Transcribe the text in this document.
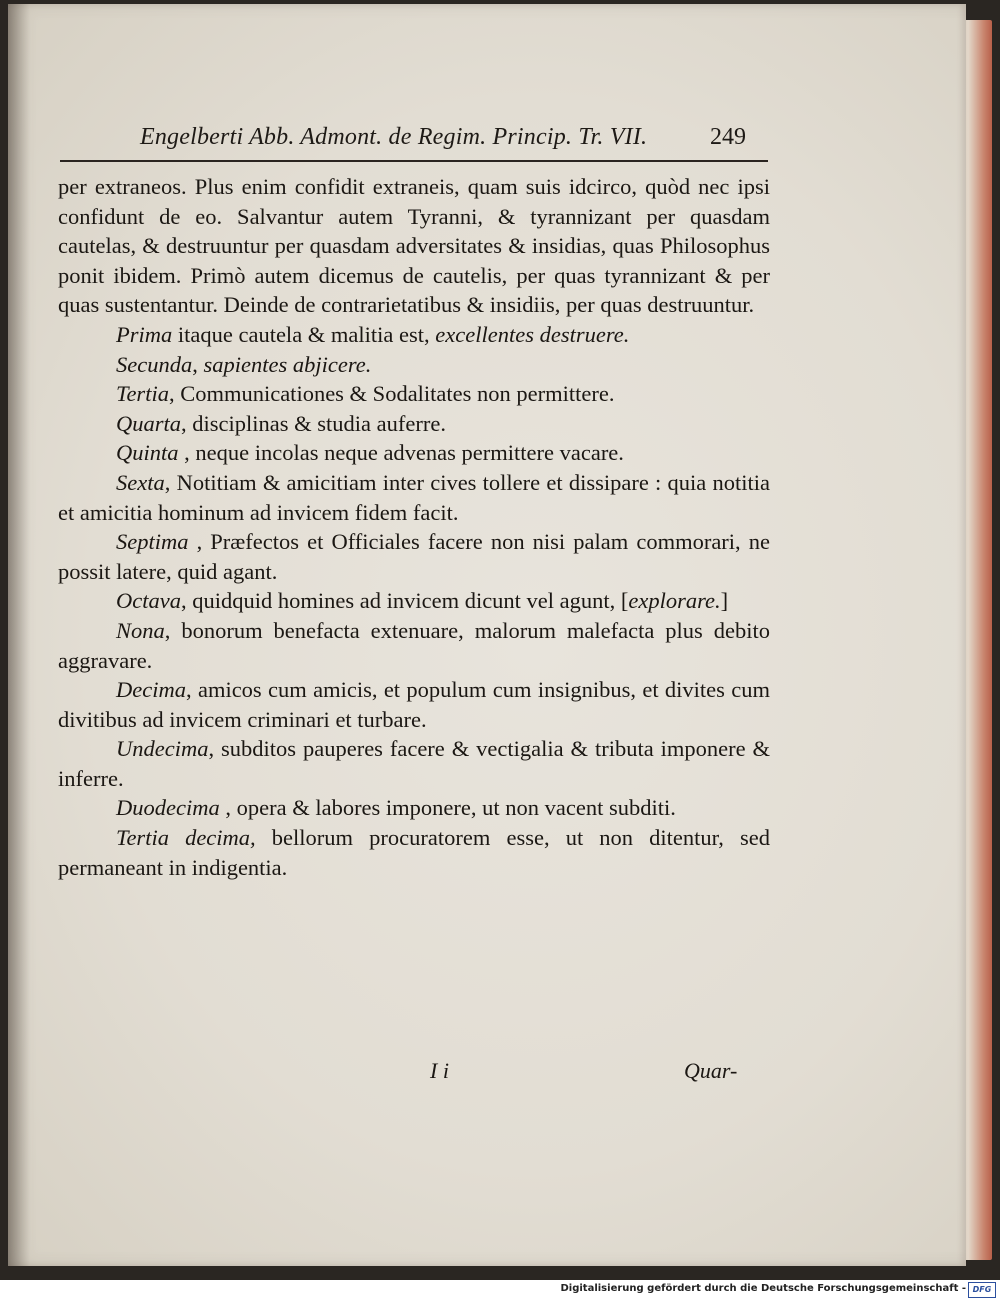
Engelberti Abb. Admont. de Regim. Princip. Tr. VII.	249

per extraneos. Plus enim confidit extraneis, quam suis idcirco, quòd nec ipsi confidunt de eo. Salvantur autem Tyranni, & tyrannizant per quasdam cautelas, & destruuntur per quasdam adversitates & insidias, quas Philosophus ponit ibidem. Primò autem dicemus de cautelis, per quas tyrannizant & per quas sustentantur. Deinde de contrarietatibus & insidiis, per quas destruuntur.

Prima itaque cautela & malitia est, excellentes destruere.

Secunda, sapientes abjicere.

Tertia, Communicationes & Sodalitates non permittere.

Quarta, disciplinas & studia auferre.

Quinta , neque incolas neque advenas permittere vacare.

Sexta, Notitiam & amicitiam inter cives tollere et dissipare : quia notitia et amicitia hominum ad invicem fidem facit.

Septima , Præfectos et Officiales facere non nisi palam commorari, ne possit latere, quid agant.

Octava, quidquid homines ad invicem dicunt vel agunt, [explorare.]

Nona, bonorum benefacta extenuare, malorum malefacta plus debito aggravare.

Decima, amicos cum amicis, et populum cum insignibus, et divites cum divitibus ad invicem criminari et turbare.

Undecima, subditos pauperes facere & vectigalia & tributa imponere & inferre.

Duodecima , opera & labores imponere, ut non vacent subditi.

Tertia decima, bellorum procuratorem esse, ut non ditentur, sed permaneant in indigentia.

I i	Quar-
Digitalisierung gefördert durch die Deutsche Forschungsgemeinschaft - DFG
